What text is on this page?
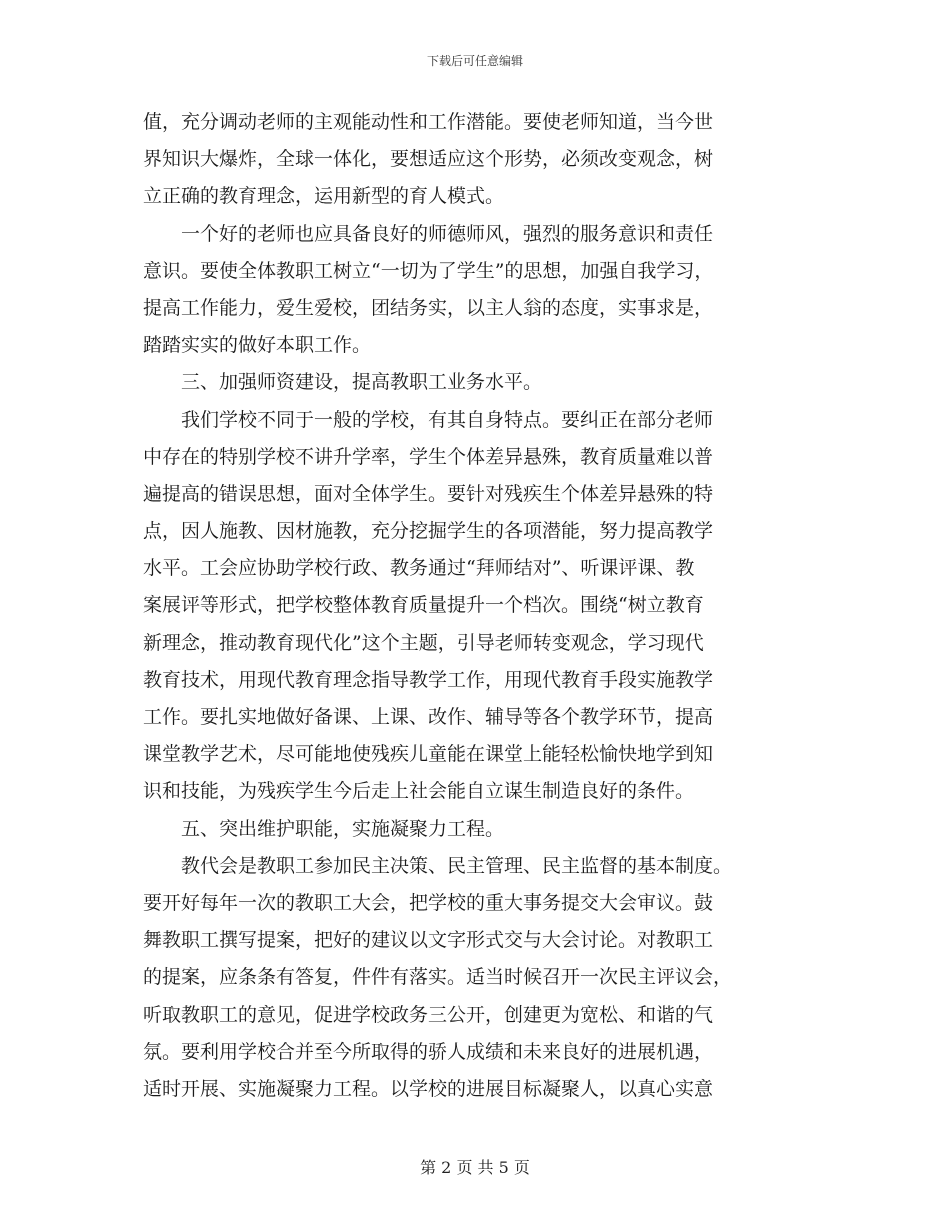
下载后可任意编辑
值，充分调动老师的主观能动性和工作潜能。要使老师知道，当今世
界知识大爆炸，全球一体化，要想适应这个形势，必须改变观念，树
立正确的教育理念，运用新型的育人模式。
　　一个好的老师也应具备良好的师德师风，强烈的服务意识和责任
意识。要使全体教职工树立“一切为了学生”的思想，加强自我学习，
提高工作能力，爱生爱校，团结务实，以主人翁的态度，实事求是，
踏踏实实的做好本职工作。
　　三、加强师资建设，提高教职工业务水平。
　　我们学校不同于一般的学校，有其自身特点。要纠正在部分老师
中存在的特别学校不讲升学率，学生个体差异悬殊，教育质量难以普
遍提高的错误思想，面对全体学生。要针对残疾生个体差异悬殊的特
点，因人施教、因材施教，充分挖掘学生的各项潜能，努力提高教学
水平。工会应协助学校行政、教务通过“拜师结对”、听课评课、教
案展评等形式，把学校整体教育质量提升一个档次。围绕“树立教育
新理念，推动教育现代化”这个主题，引导老师转变观念，学习现代
教育技术，用现代教育理念指导教学工作，用现代教育手段实施教学
工作。要扎实地做好备课、上课、改作、辅导等各个教学环节，提高
课堂教学艺术，尽可能地使残疾儿童能在课堂上能轻松愉快地学到知
识和技能，为残疾学生今后走上社会能自立谋生制造良好的条件。
　　五、突出维护职能，实施凝聚力工程。
　　教代会是教职工参加民主决策、民主管理、民主监督的基本制度。
要开好每年一次的教职工大会，把学校的重大事务提交大会审议。鼓
舞教职工撰写提案，把好的建议以文字形式交与大会讨论。对教职工
的提案，应条条有答复，件件有落实。适当时候召开一次民主评议会，
听取教职工的意见，促进学校政务三公开，创建更为宽松、和谐的气
氛。要利用学校合并至今所取得的骄人成绩和未来良好的进展机遇，
适时开展、实施凝聚力工程。以学校的进展目标凝聚人，以真心实意
第 2 页 共 5 页
